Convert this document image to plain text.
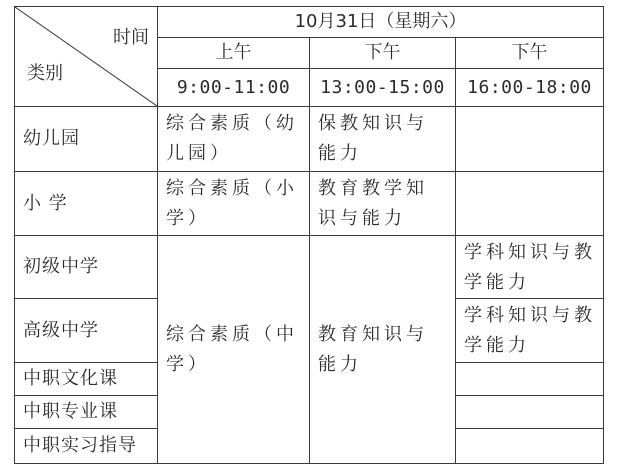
时间
类别	10月31日（星期六）		
	上午	下午	下午
	9:00-11:00	13:00-15:00	16:00-18:00
幼儿园	综合素质（幼儿园）	保教知识与能力	
小 学	综合素质（小学）	教育教学知识与能力	
初级中学	综合素质（中学）	教育知识与能力	学科知识与教学能力
高级中学			学科知识与教学能力
中职文化课			
中职专业课			
中职实习指导			
